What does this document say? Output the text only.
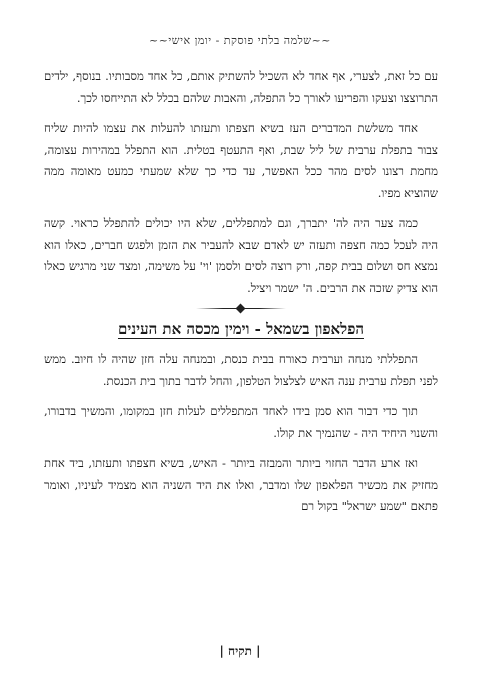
~~שלמה בלתי פוסקת - יומן אישי~~

עם כל זאת, לצערי, אף אחד לא השכיל להשתיק אותם, כל אחד מסבותיו. בנוסף, ילדים התרוצצו וצעקו והפריעו לאורך כל התפלה, והאבות שלהם בכלל לא התייחסו לכך.

אחד משלשת המדברים העז בשיא חצפתו ותעזתו להעלות את עצמו להיות שליח צבור בתפלת ערבית של ליל שבת, ואף התעטף בטלית. הוא התפלל במהירות עצומה, מחמת רצונו לסים מהר ככל האפשר, עד כדי כך שלא שמעתי כמעט מאומה ממה שהוציא מפיו.

כמה צער היה לה' יתברך, וגם למתפללים, שלא היו יכולים להתפלל כראוי. קשה היה לעכל כמה חצפה ותעזה יש לאדם שבא להעביר את הזמן ולפגש חברים, כאלו הוא נמצא חס ושלום בבית קפה, ורק רוצה לסים ולסמן 'וי' על משימה, ומצד שני מרגיש כאלו הוא צדיק שזכה את הרבים. ה' ישמר ויציל.

הפלאפון בשמאל - וימין מכסה את העינים

התפללתי מנחה וערבית כאורח בבית כנסת, ובמנחה עלה חזן שהיה לו חיוב. ממש לפני תפלת ערבית ענה האיש לצלצול הטלפון, והחל לדבר בתוך בית הכנסת.

תוך כדי דבור הוא סמן בידו לאחד המתפללים לעלות חזן במקומו, והמשיך בדבורו, והשנוי היחיד היה - שהנמיך את קולו.

ואז ארע הדבר החזוי ביותר והמבזה ביותר - האיש, בשיא חצפתו ותעזתו, ביד אחת מחזיק את מכשיר הפלאפון שלו ומדבר, ואלו את היד השניה הוא מצמיד לעיניו, ואומר פתאם "שמע ישראל" בקול רם

| תקיח |
